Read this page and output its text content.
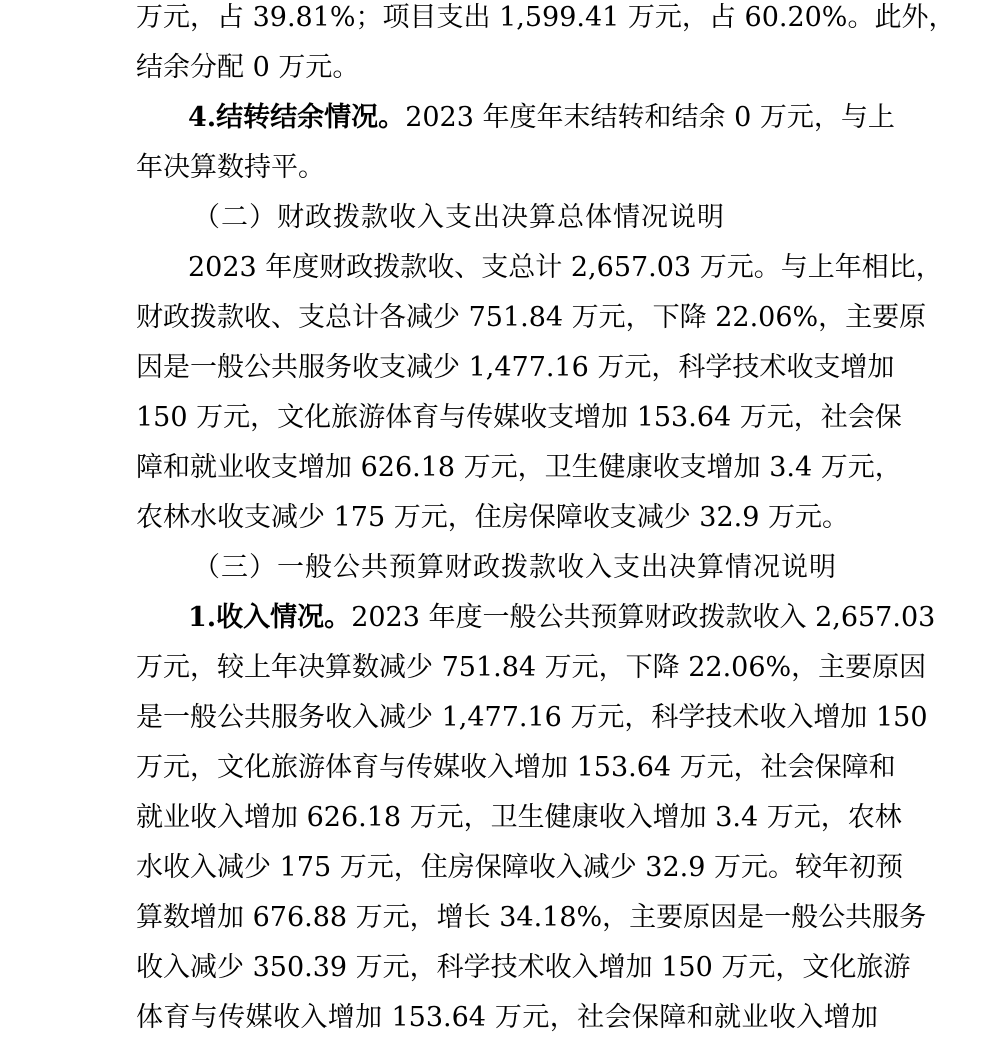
万元，占 39.81%；项目支出 1,599.41 万元，占 60.20%。此外，
结余分配 0 万元。
4.结转结余情况。2023 年度年末结转和结余 0 万元，与上
年决算数持平。
（二）财政拨款收入支出决算总体情况说明
2023 年度财政拨款收、支总计 2,657.03 万元。与上年相比，
财政拨款收、支总计各减少 751.84 万元，下降 22.06%，主要原
因是一般公共服务收支减少 1,477.16 万元，科学技术收支增加
150 万元，文化旅游体育与传媒收支增加 153.64 万元，社会保
障和就业收支增加 626.18 万元，卫生健康收支增加 3.4 万元，
农林水收支减少 175 万元，住房保障收支减少 32.9 万元。
（三）一般公共预算财政拨款收入支出决算情况说明
1.收入情况。2023 年度一般公共预算财政拨款收入 2,657.03
万元，较上年决算数减少 751.84 万元，下降 22.06%，主要原因
是一般公共服务收入减少 1,477.16 万元，科学技术收入增加 150
万元，文化旅游体育与传媒收入增加 153.64 万元，社会保障和
就业收入增加 626.18 万元，卫生健康收入增加 3.4 万元，农林
水收入减少 175 万元，住房保障收入减少 32.9 万元。较年初预
算数增加 676.88 万元，增长 34.18%，主要原因是一般公共服务
收入减少 350.39 万元，科学技术收入增加 150 万元，文化旅游
体育与传媒收入增加 153.64 万元，社会保障和就业收入增加
